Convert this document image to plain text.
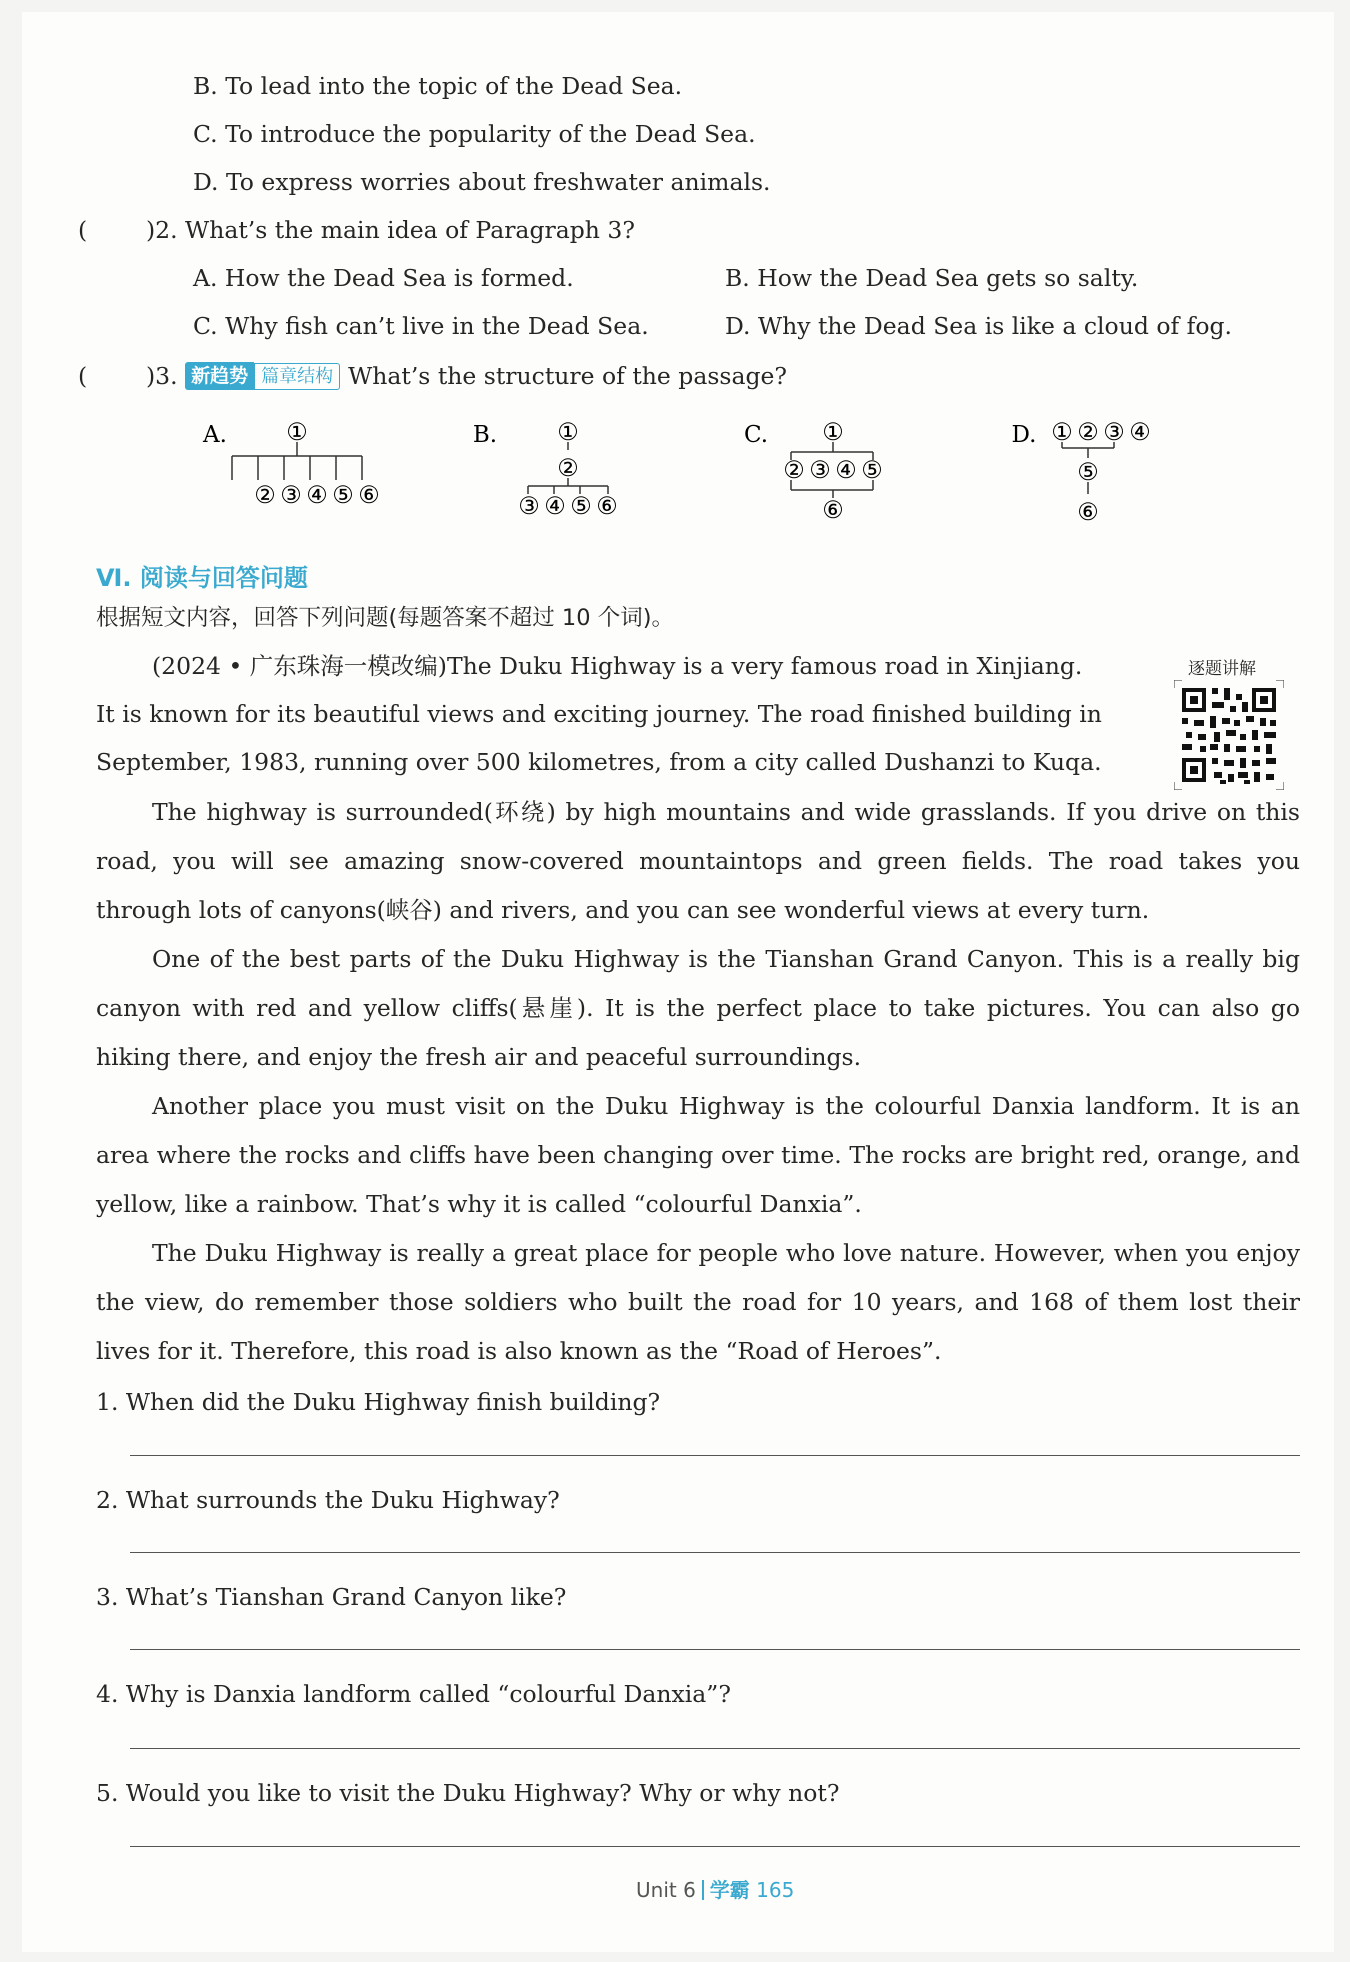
B. To lead into the topic of the Dead Sea.
C. To introduce the popularity of the Dead Sea.
D. To express worries about freshwater animals.
(	)2. What’s the main idea of Paragraph 3?
A. How the Dead Sea is formed.	B. How the Dead Sea gets so salty.
C. Why fish can’t live in the Dead Sea.	D. Why the Dead Sea is like a cloud of fog.
(	)3. 新趋势 篇章结构 What’s the structure of the passage?
A.	B.	C.	D.
①
② ③ ④ ⑤ ⑥
①
②
③ ④ ⑤ ⑥
①
② ③ ④ ⑤
⑥
① ② ③ ④
⑤
⑥
Ⅵ. 阅读与回答问题
根据短文内容，回答下列问题(每题答案不超过 10 个词)。
(2024 • 广东珠海一模改编)The Duku Highway is a very famous road in Xinjiang.
It is known for its beautiful views and exciting journey. The road finished building in
September, 1983, running over 500 kilometres, from a city called Dushanzi to Kuqa.
逐题讲解
The highway is surrounded(环绕) by high mountains and wide grasslands. If you drive on this road, you will see amazing snow-covered mountaintops and green fields. The road takes you through lots of canyons(峡谷) and rivers, and you can see wonderful views at every turn.
One of the best parts of the Duku Highway is the Tianshan Grand Canyon. This is a really big canyon with red and yellow cliffs(悬崖). It is the perfect place to take pictures. You can also go hiking there, and enjoy the fresh air and peaceful surroundings.
Another place you must visit on the Duku Highway is the colourful Danxia landform. It is an area where the rocks and cliffs have been changing over time. The rocks are bright red, orange, and yellow, like a rainbow. That’s why it is called “colourful Danxia”.
The Duku Highway is really a great place for people who love nature. However, when you enjoy the view, do remember those soldiers who built the road for 10 years, and 168 of them lost their lives for it. Therefore, this road is also known as the “Road of Heroes”.
1. When did the Duku Highway finish building?
2. What surrounds the Duku Highway?
3. What’s Tianshan Grand Canyon like?
4. Why is Danxia landform called “colourful Danxia”?
5. Would you like to visit the Duku Highway? Why or why not?
Unit 6 学霸 165
